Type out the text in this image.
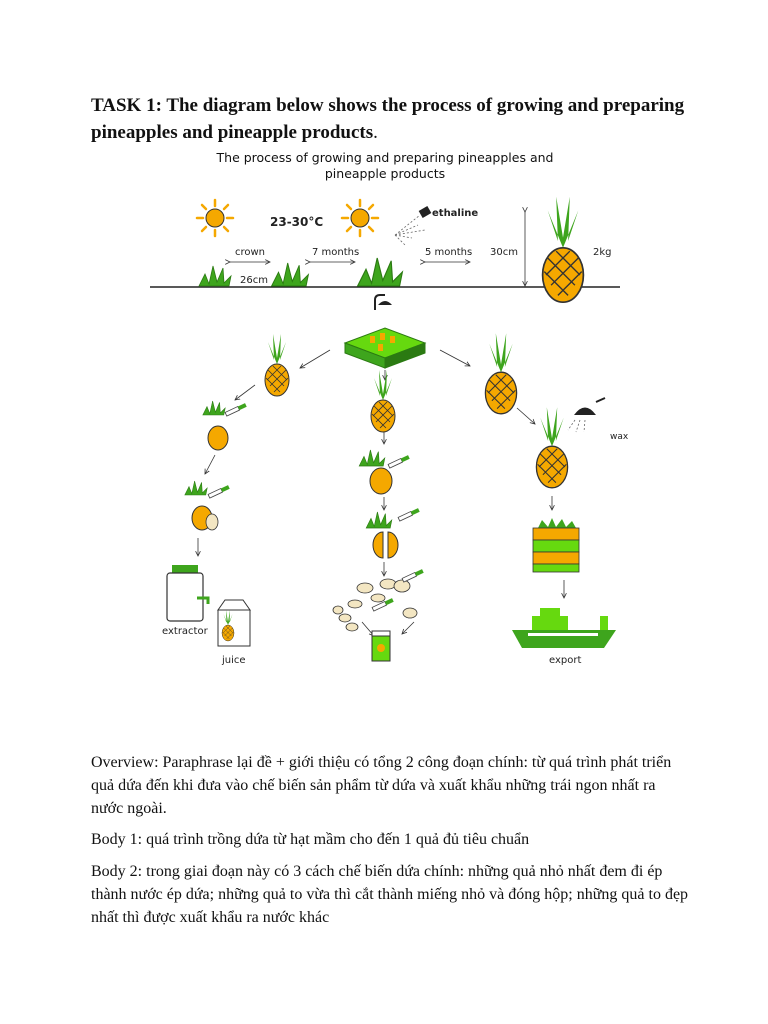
TASK 1: The diagram below shows the process of growing and preparing pineapples and pineapple products.

The process of growing and preparing pineapples and
pineapple products

23-30°C
ethaline
crown
26cm
7 months	5 months 30cm	2kg
extractor
juice
wax
export

Overview: Paraphrase lại đề + giới thiệu có tổng 2 công đoạn chính: từ quá trình phát triển quả dứa đến khi đưa vào chế biến sản phẩm từ dứa và xuất khẩu những trái ngon nhất ra nước ngoài.

Body 1: quá trình trồng dứa từ hạt mầm cho đến 1 quả đủ tiêu chuẩn

Body 2: trong giai đoạn này có 3 cách chế biến dứa chính: những quả nhỏ nhất đem đi ép thành nước ép dứa; những quả to vừa thì cắt thành miếng nhỏ và đóng hộp; những quả to đẹp nhất thì được xuất khẩu ra nước khác
